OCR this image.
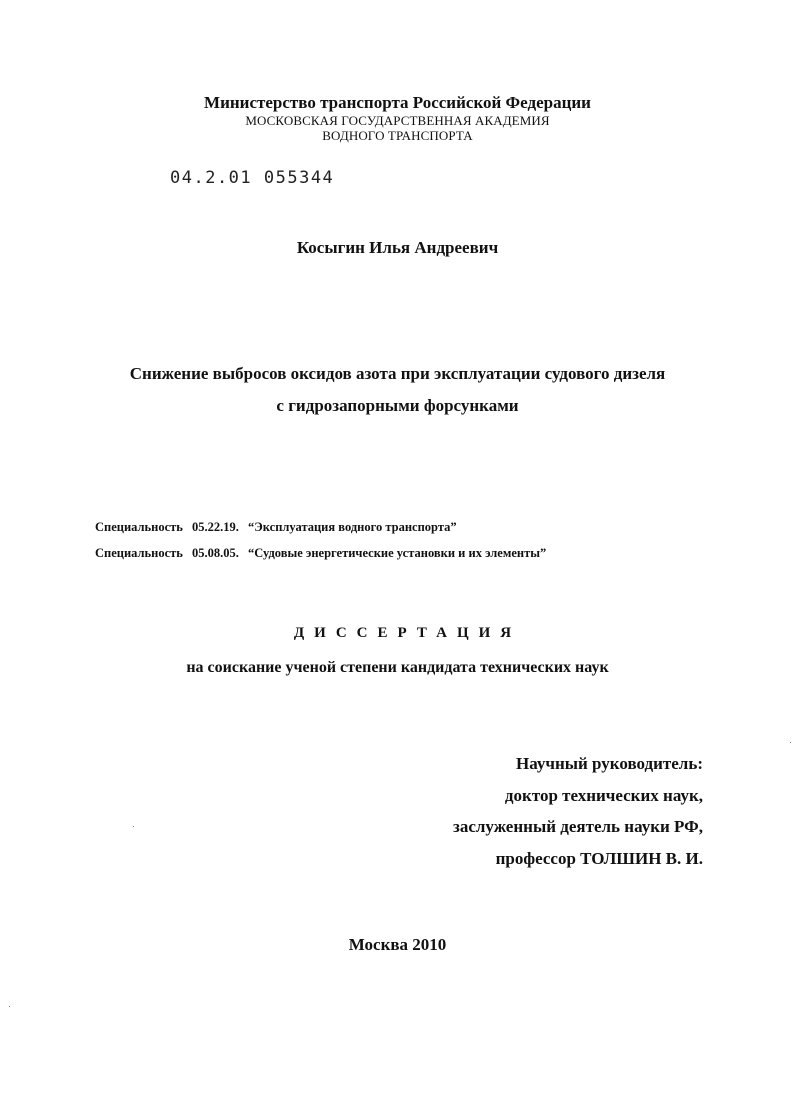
Министерство транспорта Российской Федерации
МОСКОВСКАЯ ГОСУДАРСТВЕННАЯ АКАДЕМИЯ
ВОДНОГО ТРАНСПОРТА
04.2.01 055344
Косыгин Илья Андреевич
Снижение выбросов оксидов азота при эксплуатации судового дизеля
с гидрозапорными форсунками
Специальность 05.22.19. “Эксплуатация водного транспорта”
Специальность 05.08.05. “Судовые энергетические установки и их элементы”
ДИССЕРТАЦИЯ
на соискание ученой степени кандидата технических наук
Научный руководитель:
доктор технических наук,
заслуженный деятель науки РФ,
профессор ТОЛШИН В. И.
Москва 2010
